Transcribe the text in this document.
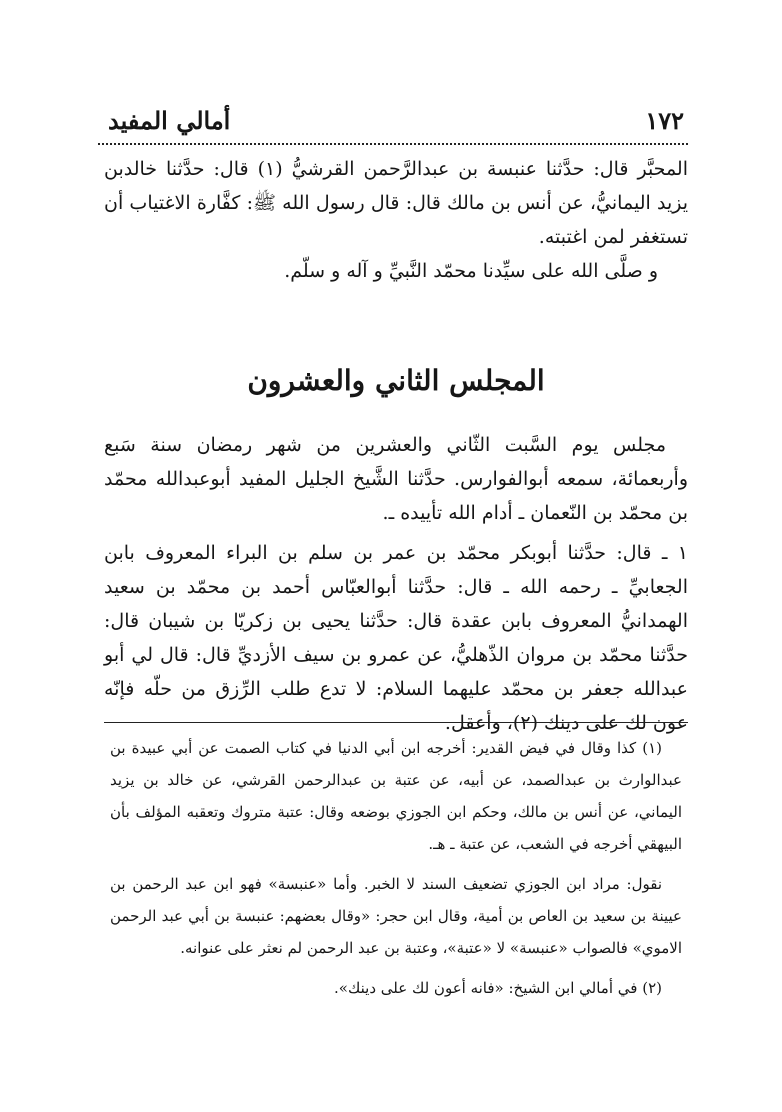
١٧٢
أمالي المفيد

المحبَّر قال: حدَّثنا عنبسة بن عبدالرَّحمن القرشيُّ (١) قال: حدَّثنا خالدبن يزيد اليمانيُّ، عن أنس بن مالك قال: قال رسول الله ﷺ: كفَّارة الاغتياب أن تستغفر لمن اغتبته.

و صلَّى الله على سيِّدنا محمّد النَّبيِّ و آله و سلّم.

المجلس الثاني والعشرون

مجلس يوم السَّبت الثّاني والعشرين من شهر رمضان سنة سَبع وأربعمائة، سمعه أبوالفوارس. حدَّثنا الشَّيخ الجليل المفيد أبوعبدالله محمّد بن محمّد بن النّعمان ـ أدام الله تأييده ـ.

١ ـ قال: حدَّثنا أبوبكر محمّد بن عمر بن سلم بن البراء المعروف بابن الجعابيِّ ـ رحمه الله ـ قال: حدَّثنا أبوالعبّاس أحمد بن محمّد بن سعيد الهمدانيُّ المعروف بابن عقدة قال: حدَّثنا يحيى بن زكريّا بن شيبان قال: حدَّثنا محمّد بن مروان الذّهليُّ، عن عمرو بن سيف الأزديِّ قال: قال لي أبو عبدالله جعفر بن محمّد عليهما السلام: لا تدع طلب الرِّزق من حلّه فإنّه عون لك على دينك (٢)، وأعقل.

(١) كذا وقال في فيض القدير: أخرجه ابن أبي الدنيا في كتاب الصمت عن أبي عبيدة بن عبدالوارث بن عبدالصمد، عن أبيه، عن عتبة بن عبدالرحمن القرشي، عن خالد بن يزيد اليماني، عن أنس بن مالك، وحكم ابن الجوزي بوضعه وقال: عتبة متروك وتعقبه المؤلف بأن البيهقي أخرجه في الشعب، عن عتبة ـ هـ.

نقول: مراد ابن الجوزي تضعيف السند لا الخبر. وأما «عنبسة» فهو ابن عبد الرحمن بن عيينة بن سعيد بن العاص بن أمية، وقال ابن حجر: «وقال بعضهم: عنبسة بن أبي عبد الرحمن الاموي» فالصواب «عنبسة» لا «عتبة»، وعتبة بن عبد الرحمن لم نعثر على عنوانه.

(٢) في أمالي ابن الشيخ: «فانه أعون لك على دينك».
